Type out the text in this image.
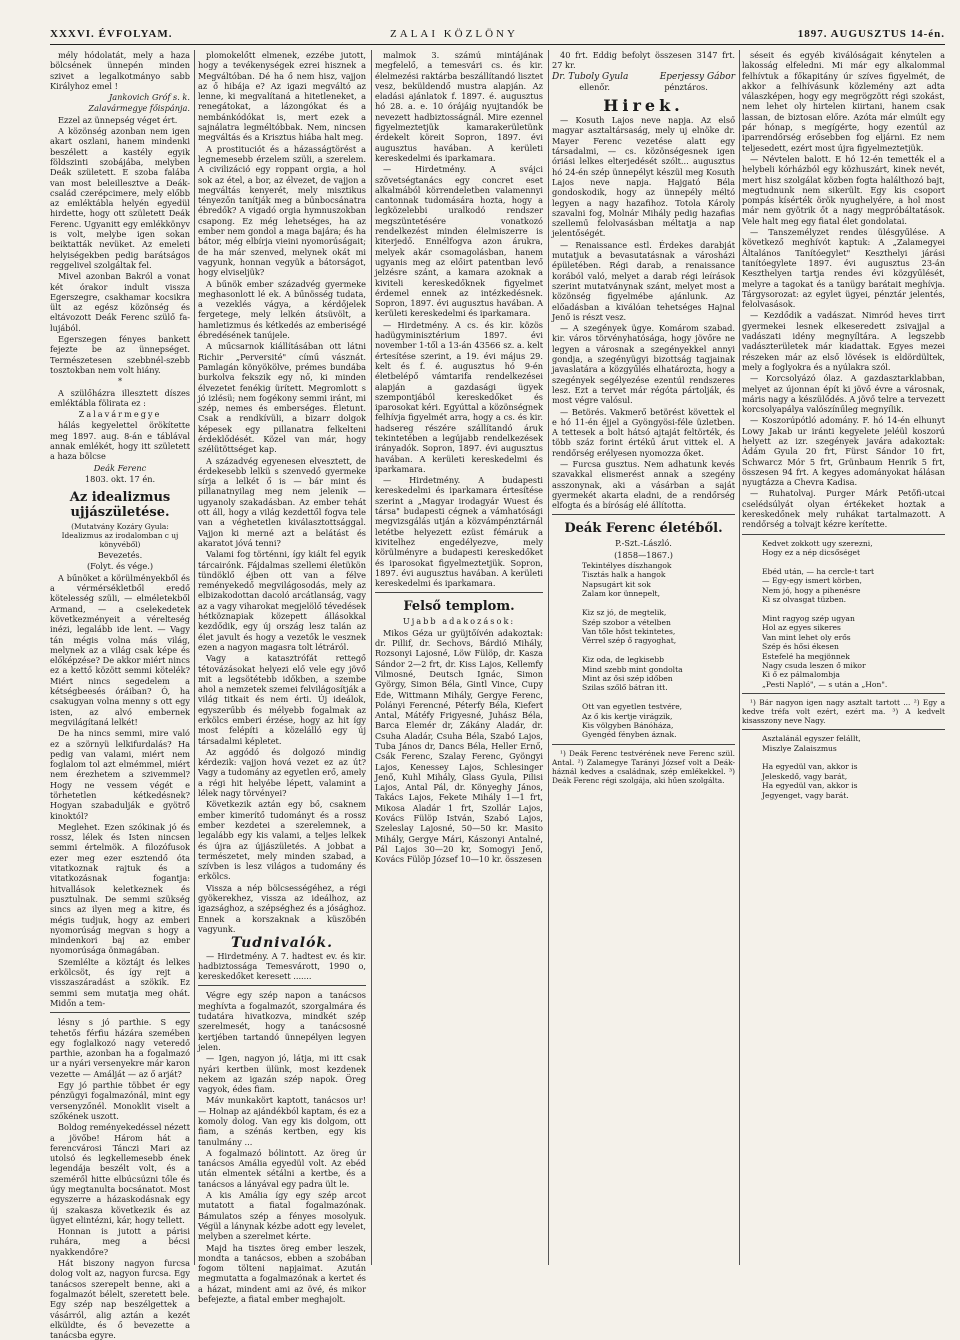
XXXVI. ÉVFOLYAM.	ZALAI KÖZLÖNY	1897. AUGUSZTUS 14-én.

mély hódolatát, mely a haza bölcsének ünnepén minden szivet a legalkotmányo sabb Királyhoz emel !

Jankovich Gróf s. k.

Zalavármegye főispánja.

Ezzel az ünnepség véget ért.

A közönség azonban nem igen akart oszlani, hanem mindenki beszélett a kastély egyik földszinti szobájába, melyben Deák született. E szoba falába van most beleillesztve a Deák-család czerépcimere, mely előbb az emléktábla helyén egyedül hirdette, hogy ott született Deák Ferenc. Ugyanitt egy emlékkönyv is volt, melybe igen sokan beiktatták nevüket. Az emeleti helyiségekben pedig barátságos reggelivel szolgáltak fel.

Mivel azonban Bakról a vonat két órakor indult vissza Egerszegre, csakhamar kocsikra ült az egész közönség és eltávozott Deák Ferenc szülő fa-lujából.

Egerszegen fényes bankett fejezte be az ünnepséget. Természetesen szebbnél-szebb tosztokban nem volt hiány.

*

A szülőházra illesztett díszes emléktábla fölirata ez :

Zalavármegye

hálás kegyelettel örökítette meg 1897. aug. 8-án e táblával annak emlékét, hogy itt született a haza bölcse

Deák Ferenc

1803. okt. 17 én.

Az idealizmus ujjászületése.

(Mutatvány Kozáry Gyula: Idealizmus az irodalomban c uj könyvéből)

Bevezetés.

(Folyt. és vége.)

A bűnöket a körülményekből és a vérmérsékletből eredő kötelesség szüli, — elméletekből Armand, — a cselekedetek következményeit a vérelteség inézi, legalább ide lent. — Vagy tán mégis volna más világ, melynek az a világ csak képe és előképzése? De akkor miért nincs ez a kettő között semmi kötelék? Miért nincs segedelem a kétségbeesés óráiban? Ó, ha csakugyan volna menny s ott egy isten, az alvó embernek megvilágítaná lelkét!

De ha nincs semmi, mire való ez a szörnyü lelkifurdalás? Ha pedig van valami, miért nem foglalom tol azt elmémmel, miért nem érezhetem a szivemmel? Hogy ne vessem végét e törhetetlen kétkedésnek? Hogyan szabadulják e gyötrő kinoktól?

Meglehet. Ezen szókinak jó és rossz, lélek és Isten nincsen semmi értelmök. A filozófusok ezer meg ezer esztendő óta vitatkoznak rajtuk és a vitatkozásnak fogantja: hitvallások keletkeznek és pusztulnak. De semmi szükség sincs az ilyen meg a kitre, és mégis tudjuk, hogy az emberi nyomorúság megvan s hogy a mindenkori baj az ember nyomorúsága önmagában.

Szemlélte a köztájt és lelkes erkölcsöt, és így rejt a visszaszáradást a szökik. Ez semmi sem mutatja meg ohát. Midőn a tem-

lésny s jó parthie. S egy tehetős férfiu házára szemében egy foglalkozó nagy veteredő parthie, azonban ha a fogalmazó ur a nyári versenyekre már karon vezette — Amálját — az ő arját?

Egy jó parthie többet ér egy pénzügyi fogalmazónál, mint egy versenyzőnél. Monoklit viselt a szőkének uszott.

Boldog reményekedéssel nézett a jövőbe! Három hát a ferencvárosi Tánczi Mari az utolsó és legkellemesebb ének legendája beszélt volt, és a szeméről hitte elbúcsúzni tőle és úgy megtanulta bocsánatot. Most egyszerre a házaskodásnak egy új szakasza következik és az ügyet elintézni, kár, hogy tellett.

Honnan is jutott a párisi ruhára, meg a bécsi nyakkendőre?

Hát biszony nagyon furcsa dolog volt az, nagyon furcsa. Egy tanácsos szerepelt benne, aki a fogalmazót bélelt, szeretett bele. Egy szép nap beszélgettek a vásárról, alig aztán a kezét elküldte, és ő bevezette a tanácsba egyre.

plomokelőtt elmenek, ezzébe jutott, hogy a tevékenységek ezrei hisznek a Megváltóban. Dé ha ő nem hisz, vajjon az ő hibája e? Az igazi megváltó az lenne, ki megvalítaná a hitetleneket, a renegátokat, a lázongókat és a nembánkódókat is, mert ezek a sajnálatra legméltóbbak. Nem, nincsen megváltás és a Krisztus hiába halt meg.

A prostituciót és a házasságtörést a legnemesebb érzelem szüli, a szerelem. A civilizáció egy roppant orgia, a hol sok az étel, a bor, az élvezet, de vajjon a megváltás kenyerét, mely misztikus tényezőn tanítják meg a bűnbocsánatra ébredők? A vigadó orgia hymnuszokban csapong. Ez még lehetséges, ha az ember nem gondol a maga bajára; és ha bátor, még elbírja vieini nyomorúságait; de ha már szenved, melynek okát mi vagyunk, honnan vegyük a bátorságot, hogy elviseljük?

A bűnök ember századvég gyermeke meghasonlott lé ek. A bűnösség tudata, a vezeklés vágya, a kérdőjelek fergetege, mely lelkén átsüvölt, a hamletizmus és kétkedés az emberiségé ébredésének tanújele.

A műcsarnok kiállításában ott látni Richir „Perversité" című vásznát. Pamlagán könyökölve, prémes bundába burkolva fekszik egy nő, ki minden élvezetet fenékig ürített. Megromlott s jó izlésü; nem fogékony semmi iránt, mi szép, nemes és emberséges. Életunt. Csak a rendkívüli, a bizarr dolgok képesek egy pillanatra felkelteni érdeklődését. Közel van már, hogy szélütöttséget kap.

A századvég egyenesen elvesztett, de érdekesebb lelkü s szenvedő gyermeke sírja a lelkét ő is — bár mint és pillanatnyilag meg nem jelenik — ugyanoly szakadásban. Az ember tehát ott áll, hogy a világ kezdettől fogva tele van a véghetetlen kiválasztottsággal. Vajjon ki merné azt a belátást és akaratot jóvá tenni?

Valami fog történni, így kiált fel egyik tárcairónk. Fájdalmas szellemi életükön tündöklő éjben ott van a félve reményekedő megvilágosodás, mely az elbizakodottan dacoló arcátlanság, vagy az a vagy viharokat megjelölő tévedések hétköznapiak közepett állásokkal kezdődik, egy új ország lesz talán az élet javult és hogy a vezetők le vesznek ezen a nagyon magasra tolt létráról.

Vagy a katasztrófát rettegő tétovázásokat helyezi elő vele egy jövő mit a legsötétebb időkben, a szembe ahol a nemzetek szemei felvilágosítják a világ titkait és nem érti. Új ideálok, egyszerűbb és mélyebb fogalmak az erkölcs emberi érzése, hogy az hit így most felépíti a közelálló egy új társadalmi képletet.

Az aggódó és dolgozó mindig kérdezik: vajjon hová vezet ez az út? Vagy a tudomány az egyetlen erő, amely a régi hit helyébe lépett, valamint a lélek nagy törvényei?

Következik aztán egy bő, csaknem ember kimerítő tudományt és a rossz ember kezdetei a szerelemnek, a legalább egy kis valami, a teljes lelkek és újra az újjászületés. A jobbat a természetet, mely minden szabad, a szívben is lesz világos a tudomány és erkölcs.

Vissza a nép bölcsességéhez, a régi gyökerekhez, vissza az ideálhoz, az igazsághoz, a szépséghez és a jósághoz. Ennek a korszaknak a küszöbén vagyunk.

Tudnivalók.

— Hirdetmény. A 7. hadtest ev. és kir. hadbiztossága Temesvárott, 1990 o, kereskedőket keresett .......

Végre egy szép napon a tanácsos meghívta a fogalmazót, szorgalmára és tudatára hivatkozva, mindkét szép szerelmesét, hogy a tanácsosné kertjében tartandó ünnepélyen legyen jelen.

— Igen, nagyon jó, látja, mi itt csak nyári kertben ülünk, most kezdenek nekem az igazán szép napok. Öreg vagyok, édes fiam.

Máv munkakört kaptott, tanácsos ur! — Holnap az ajándékból kaptam, és ez a komoly dolog. Van egy kis dolgom, ott fiam, a szénás kertben, egy kis tanulmány ...

A fogalmazó bólintott. Az öreg úr tanácsos Amália egyedül volt. Az ebéd után elmentek sétálni a kertbe, és a tanácsos a lányával egy padra ült le.

A kis Amália így egy szép arcot mutatott a fiatal fogalmazónak. Bámulatos szép a fényes mosolyuk. Végül a lánynak kézbe adott egy levelet, melyben a szerelmet kérte.

Majd ha tisztes öreg ember leszek, mondta a tanácsos, ebben a szobában fogom tölteni napjaimat. Azután megmutatta a fogalmazónak a kertet és a házat, mindent ami az övé, és mikor befejezte, a fiatal ember meghajolt.

malmok 3. számú mintájának megfelelő, a temesvári cs. és kir. élelmezési raktárba beszállítandó lisztet vesz, beküldendő mustra alapján. Az eladási ajánlatok f. 1897. é. augusztus hó 28. a. e. 10 órájáig nyujtandók be nevezett hadbiztosságnál. Mire ezennel figyelmeztetjük kamarakerületünk érdekelt köreit Sopron, 1897. évi augusztus havában. A kerületi kereskedelmi és iparkamara.

— Hirdetmény. A svájci szövetségtanács egy concret eset alkalmából körrendeletben valamennyi cantonnak tudomására hozta, hogy a legközelebbi uralkodó rendszer megszüntetésére vonatkozó rendelkezést minden élelmiszerre is kiterjedő. Ennélfogva azon árukra, melyek akár csomagolásban, hanem ugyanis meg az előirt patentban levő jelzésre szánt, a kamara azoknak a kiviteli kereskedőknek figyelmet érdemel ennek az intézkedésnek. Sopron, 1897. évi augusztus havában. A kerületi kereskedelmi és iparkamara.

— Hirdetmény. A cs. és kir. közös hadügyminisztérium 1897. évi november 1-től a 13-án 43566 sz. a. kelt értesítése szerint, a 19. évi május 29. kelt és f. é. augusztus hó 9-én életbelépő vámtarifa rendelkezései alapján a gazdasági ügyek szempontjából kereskedőket és iparosokat kéri. Egyúttal a közönségnek felhívja figyelmét arra, hogy a cs. és kir. hadsereg részére szállítandó áruk tekintetében a legújabb rendelkezések irányadók. Sopron, 1897. évi augusztus havában. A kerületi kereskedelmi és iparkamara.

— Hirdetmény. A budapesti kereskedelmi és iparkamara értesítése szerint a „Magyar irodagyár Wuest és társa" budapesti cégnek a vámhatósági megvizsgálás utján a közvámpénztárnál letétbe helyezett ezüst fémáruk a kivitelhez engedélyezve, mely körülményre a budapesti kereskedőket és iparosokat figyelmeztetjük. Sopron, 1897. évi augusztus havában. A kerületi kereskedelmi és iparkamara.

Felső templom.

Ujabb adakozások:

Mikos Géza ur gyüjtőívén adakoztak: dr. Pillif, dr. Sechovs, Bárdió Mihály, Rozsonyi Lajosné, Löw Fülöp, dr. Kasza Sándor 2—2 frt, dr. Kiss Lajos, Kellemfy Vilmosné, Deutsch Ignác, Simon György, Simon Béla, Gintl Vince, Cupy Ede, Wittmann Mihály, Gergye Ferenc, Polányi Ferencné, Péterfy Béla, Kiefert Antal, Mátéfy Frigyesné, Juhász Béla, Barca Elemér dr, Zákány Aladár, dr. Csuha Aladár, Csuha Béla, Szabó Lajos, Tuba János dr, Dancs Béla, Heller Ernő, Csák Ferenc, Szalay Ferenc, Gyöngyi Lajos, Kenessey Lajos, Schlesinger Jenő, Kuhl Mihály, Glass Gyula, Pilisi Lajos, Antal Pál, dr. Könyeghy János, Takács Lajos, Fekete Mihály 1—1 frt, Mikosa Aladár 1 frt, Szollár Lajos, Kovács Fülöp István, Szabó Lajos, Szeleslay Lajosné, 50—50 kr. Masito Mihály, Gergye Mári, Kászonyi Antalné, Pál Lajos 30—20 kr, Somogyi Jenő, Kovács Fülöp József 10—10 kr. összesen

40 frt. Eddig befolyt összesen 3147 frt. 27 kr.

Dr. Tuboly Gyula	Eperjessy Gábor
ellenőr.	pénztáros.
Hirek.

— Kosuth Lajos neve napja. Az első magyar asztaltársaság, mely uj elnöke dr. Mayer Ferenc vezetése alatt egy társadalmi, — cs. közönségesnek igen óriási lelkes elterjedését szólt... augusztus hó 24-én szép ünnepélyt készül meg Kosuth Lajos neve napja. Hajgató Béla gondoskodik, hogy az ünnepély méltó legyen a nagy hazafihoz. Totola Károly szavalni fog, Molnár Mihály pedig hazafias szellemű felolvasásban méltatja a nap jelentőségét.

— Renaissance estl. Érdekes darabját mutatjuk a bevasutatásnak a városházi épületében. Régi darab, a renaissance korából való, melyet a darab régi leírások szerint mutatványnak szánt, melyet most a közönség figyelmébe ajánlunk. Az előadásban a kiválóan tehetséges Hajnal Jenő is részt vesz.

— A szegények ügye. Komárom szabad. kir. város törvényhatósága, hogy jövőre ne legyen a városnak a szegényekkel annyi gondja, a szegényügyi bizottság tagjainak javaslatára a közgyűlés elhatározta, hogy a szegények segélyezése ezentúl rendszeres lesz. Ezt a tervet már régóta pártolják, és most végre valósul.

— Betörés. Vakmerő betörést követtek el e hó 11-én éjjel a Gyöngyösi-féle üzletben. A tettesek a bolt hátsó ajtaját feltörték, és több száz forint értékű árut vittek el. A rendőrség erélyesen nyomozza őket.

— Furcsa gusztus. Nem adhatunk kevés szavakkal elismerést annak a szegény asszonynak, aki a vásárban a saját gyermekét akarta eladni, de a rendőrség elfogta és a bíróság elé állította.

Deák Ferenc életéből.

P.-Szt.-László.

(1858—1867.)

Tekintélyes díszhangok
Tisztás halk a hangok
Napsugárt kit sok
Zalam kor ünnepelt,

Kiz sz jó, de megtelik,
Szép szobor a vételben
Van tőle hőst tekintetes,
Vérrel szép ő ragyoghat,

Kiz oda, de legkisebb
Mind szebb mint gondolta
Mint az ősi szép időben
Szilas szőlő bátran itt.

Ott van egyetlen testvére,
Az ő kis kertje virágzik,
Kis völgyben Bánóháza,
Gyengéd fényben áznak.

¹) Deák Ferenc testvérének neve Ferenc szül. Antal. ²) Zalamegye Tarányi József volt a Deák-háznál kedves a családnak, szép emlékekkel. ³) Deák Ferenc régi szolgája, aki hűen szolgálta.

séseit és egyéb kiválóságait kénytelen a lakosság elfeledni. Mi már egy alkalommal felhívtuk a főkapitány úr szíves figyelmét, de akkor a felhívásunk közlemény azt adta válaszképen, hogy egy megrögzött régi szokást, nem lehet oly hirtelen kiirtani, hanem csak lassan, de biztosan előre. Azóta már elmúlt egy pár hónap, s megígérte, hogy ezentúl az iparrendőrség erősebben fog eljárni. Ez nem teljesedett, ezért most újra figyelmeztetjük.

— Névtelen balott. E hó 12-én temették el a helybeli kórházból egy közhuszárt, kinek nevét, mert hisz szolgálat közben fogta halálthozó bajt, megtudnunk nem sikerült. Egy kis csoport pompás kísérték örök nyughelyére, a hol most már nem gyötrik őt a nagy megpróbáltatások. Vele halt meg egy fiatal élet gondolatai.

— Tanszemélyzet rendes ülésgyűlése. A következő meghívót kaptuk: A „Zalamegyei Általános Tanítóegylet" Keszthelyi járási tanítóegylete 1897. évi augusztus 23-án Keszthelyen tartja rendes évi közgyűlését, melyre a tagokat és a tanügy barátait meghívja. Tárgysorozat: az egylet ügyei, pénztár jelentés, felolvasások.

— Kezdődik a vadászat. Nimród heves tirrt gyermekei lesnek elkeseredett zsivajjal a vadászati idény megnyíltára. A legszebb vadászterületek már kiadattak. Egyes mezei részeken már az első lövések is eldördültek, mely a foglyokra és a nyúlakra szól.

— Korcsolyázó ólaz. A gazdasztarklabban, melyet az újonnan épít ki jövő évre a városnak, máris nagy a készülődés. A jövő telre a tervezett korcsolyapálya valószínűleg megnyílik.

— Koszorúpótló adomány. F. hó 14-én elhunyt Lowy Jakab ur iránti kegyelete jeléül koszorú helyett az izr. szegények javára adakoztak: Ádám Gyula 20 frt, Fürst Sándor 10 frt, Schwarcz Mór 5 frt, Grünbaum Henrik 5 frt, összesen 94 frt. A kegyes adományokat hálásan nyugtázza a Chevra Kadisa.

— Ruhatolvaj. Purger Márk Petőfi-utcai cselédsúlyát olyan értékeket hoztak a kereskedőnek mely ruhákat tartalmazott. A rendőrség a tolvajt kézre kerítette.

Kedvet zokkott ugy szerezni,
Hogy ez a nép dicsőséget

Ebéd után, — ha cercle-t tart
— Egy-egy ismert körben,
Nem jó, hogy a pihenésre
Ki sz olvasgat tüzben.

Mint ragyog szép ugyan
Hol az egyes sikeres
Van mint lehet oly erős
Szép és hősi ékesen
Estefelé ha megjönnek
Nagy csuda leszen ő mikor
Ki ő ez pálmalombja
„Pesti Napló", — s után a „Hon".

¹) Bár nagyon igen nagy asztalt tartott ... ²) Egy a kedve tréfa volt ezért, ezért ma. ³) A kedvelt kisasszony neve Nagy.

Asztalánál egyszer felállt,
Miszlye Zalaiszmus

Ha egyedül van, akkor is
Jeleskedő, vagy barát,
Ha egyedül van, akkor is
Jegyenget, vagy barát.
